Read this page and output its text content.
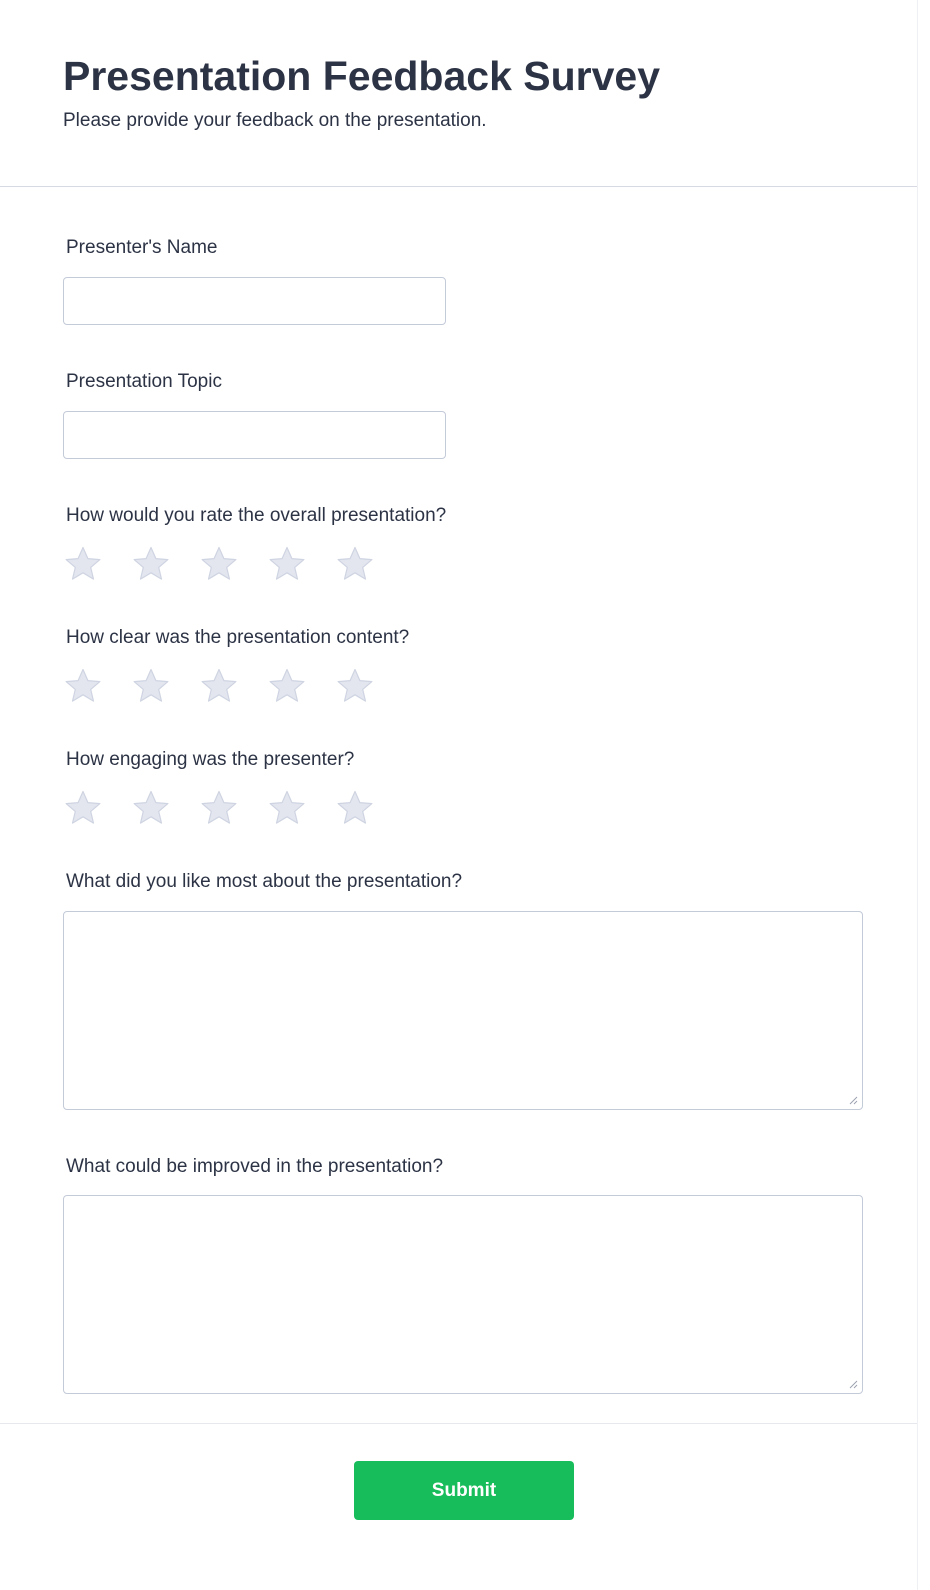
Presentation Feedback Survey

Please provide your feedback on the presentation.

Presenter's Name
Presentation Topic
How would you rate the overall presentation?
How clear was the presentation content?
How engaging was the presenter?
What did you like most about the presentation?
What could be improved in the presentation?
Submit
